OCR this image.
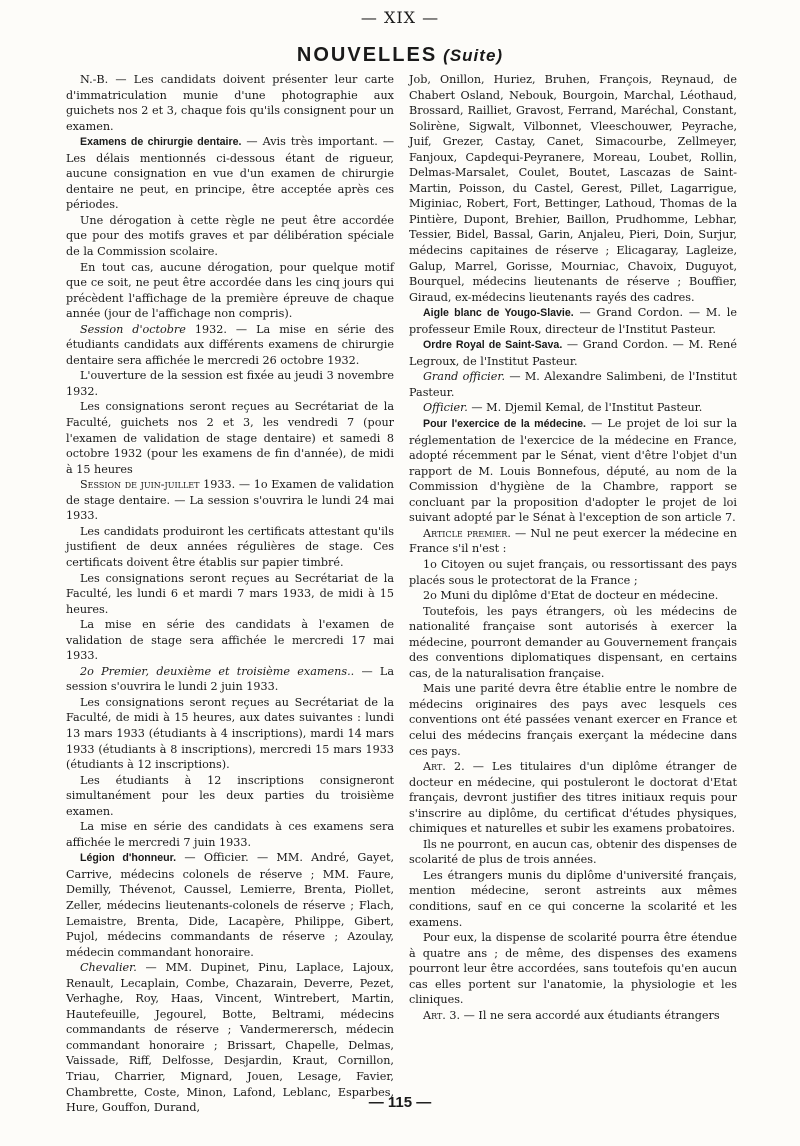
— XIX —
NOUVELLES (Suite)

N.-B. — Les candidats doivent présenter leur carte d'immatriculation munie d'une photographie aux guichets nos 2 et 3, chaque fois qu'ils consignent pour un examen.

Examens de chirurgie dentaire. — Avis très important. — Les délais mentionnés ci-dessous étant de rigueur, aucune consignation en vue d'un examen de chirurgie dentaire ne peut, en principe, être acceptée après ces périodes.

Une dérogation à cette règle ne peut être accordée que pour des motifs graves et par délibération spéciale de la Commission scolaire.

En tout cas, aucune dérogation, pour quelque motif que ce soit, ne peut être accordée dans les cinq jours qui précèdent l'affichage de la première épreuve de chaque année (jour de l'affichage non compris).

Session d'octobre 1932. — La mise en série des étudiants candidats aux différents examens de chirurgie dentaire sera affichée le mercredi 26 octobre 1932.

L'ouverture de la session est fixée au jeudi 3 novembre 1932.

Les consignations seront reçues au Secrétariat de la Faculté, guichets nos 2 et 3, les vendredi 7 (pour l'examen de validation de stage dentaire) et samedi 8 octobre 1932 (pour les examens de fin d'année), de midi à 15 heures

Session de juin-juillet 1933. — 1o Examen de validation de stage dentaire. — La session s'ouvrira le lundi 24 mai 1933.

Les candidats produiront les certificats attestant qu'ils justifient de deux années régulières de stage. Ces certificats doivent être établis sur papier timbré.

Les consignations seront reçues au Secrétariat de la Faculté, les lundi 6 et mardi 7 mars 1933, de midi à 15 heures.

La mise en série des candidats à l'examen de validation de stage sera affichée le mercredi 17 mai 1933.

2o Premier, deuxième et troisième examens.. — La session s'ouvrira le lundi 2 juin 1933.

Les consignations seront reçues au Secrétariat de la Faculté, de midi à 15 heures, aux dates suivantes : lundi 13 mars 1933 (étudiants à 4 inscriptions), mardi 14 mars 1933 (étudiants à 8 inscriptions), mercredi 15 mars 1933 (étudiants à 12 inscriptions).

Les étudiants à 12 inscriptions consigneront simultanément pour les deux parties du troisième examen.

La mise en série des candidats à ces examens sera affichée le mercredi 7 juin 1933.

Légion d'honneur. — Officier. — MM. André, Gayet, Carrive, médecins colonels de réserve ; MM. Faure, Demilly, Thévenot, Caussel, Lemierre, Brenta, Piollet, Zeller, médecins lieutenants-colonels de réserve ; Flach, Lemaistre, Brenta, Dide, Lacapère, Philippe, Gibert, Pujol, médecins commandants de réserve ; Azoulay, médecin commandant honoraire.

Chevalier. — MM. Dupinet, Pinu, Laplace, Lajoux, Renault, Lecaplain, Combe, Chazarain, Deverre, Pezet, Verhaghe, Roy, Haas, Vincent, Wintrebert, Martin, Hautefeuille, Jegourel, Botte, Beltrami, médecins commandants de réserve ; Vandermerersch, médecin commandant honoraire ; Brissart, Chapelle, Delmas, Vaissade, Riff, Delfosse, Desjardin, Kraut, Cornillon, Triau, Charrier, Mignard, Jouen, Lesage, Favier, Chambrette, Coste, Minon, Lafond, Leblanc, Esparbes, Hure, Gouffon, Durand,

Job, Onillon, Huriez, Bruhen, François, Reynaud, de Chabert Osland, Nebouk, Bourgoin, Marchal, Léothaud, Brossard, Railliet, Gravost, Ferrand, Maréchal, Constant, Solirène, Sigwalt, Vilbonnet, Vleeschouwer, Peyrache, Juif, Grezer, Castay, Canet, Simacourbe, Zellmeyer, Fanjoux, Capdequi-Peyranere, Moreau, Loubet, Rollin, Delmas-Marsalet, Coulet, Boutet, Lascazas de Saint-Martin, Poisson, du Castel, Gerest, Pillet, Lagarrigue, Miginiac, Robert, Fort, Bettinger, Lathoud, Thomas de la Pintière, Dupont, Brehier, Baillon, Prudhomme, Lebhar, Tessier, Bidel, Bassal, Garin, Anjaleu, Pieri, Doin, Surjur, médecins capitaines de réserve ; Elicagaray, Lagleize, Galup, Marrel, Gorisse, Mourniac, Chavoix, Duguyot, Bourquel, médecins lieutenants de réserve ; Bouffier, Giraud, ex-médecins lieutenants rayés des cadres.

Aigle blanc de Yougo-Slavie. — Grand Cordon. — M. le professeur Emile Roux, directeur de l'Institut Pasteur.

Ordre Royal de Saint-Sava. — Grand Cordon. — M. René Legroux, de l'Institut Pasteur.

Grand officier. — M. Alexandre Salimbeni, de l'Institut Pasteur.

Officier. — M. Djemil Kemal, de l'Institut Pasteur.

Pour l'exercice de la médecine. — Le projet de loi sur la réglementation de l'exercice de la médecine en France, adopté récemment par le Sénat, vient d'être l'objet d'un rapport de M. Louis Bonnefous, député, au nom de la Commission d'hygiène de la Chambre, rapport se concluant par la proposition d'adopter le projet de loi suivant adopté par le Sénat à l'exception de son article 7.

Article premier. — Nul ne peut exercer la médecine en France s'il n'est :

1o Citoyen ou sujet français, ou ressortissant des pays placés sous le protectorat de la France ;

2o Muni du diplôme d'Etat de docteur en médecine.

Toutefois, les pays étrangers, où les médecins de nationalité française sont autorisés à exercer la médecine, pourront demander au Gouvernement français des conventions diplomatiques dispensant, en certains cas, de la naturalisation française.

Mais une parité devra être établie entre le nombre de médecins originaires des pays avec lesquels ces conventions ont été passées venant exercer en France et celui des médecins français exerçant la médecine dans ces pays.

Art. 2. — Les titulaires d'un diplôme étranger de docteur en médecine, qui postuleront le doctorat d'Etat français, devront justifier des titres initiaux requis pour s'inscrire au diplôme, du certificat d'études physiques, chimiques et naturelles et subir les examens probatoires.

Ils ne pourront, en aucun cas, obtenir des dispenses de scolarité de plus de trois années.

Les étrangers munis du diplôme d'université français, mention médecine, seront astreints aux mêmes conditions, sauf en ce qui concerne la scolarité et les examens.

Pour eux, la dispense de scolarité pourra être étendue à quatre ans ; de même, des dispenses des examens pourront leur être accordées, sans toutefois qu'en aucun cas elles portent sur l'anatomie, la physiologie et les cliniques.

Art. 3. — Il ne sera accordé aux étudiants étrangers

— 115 —
